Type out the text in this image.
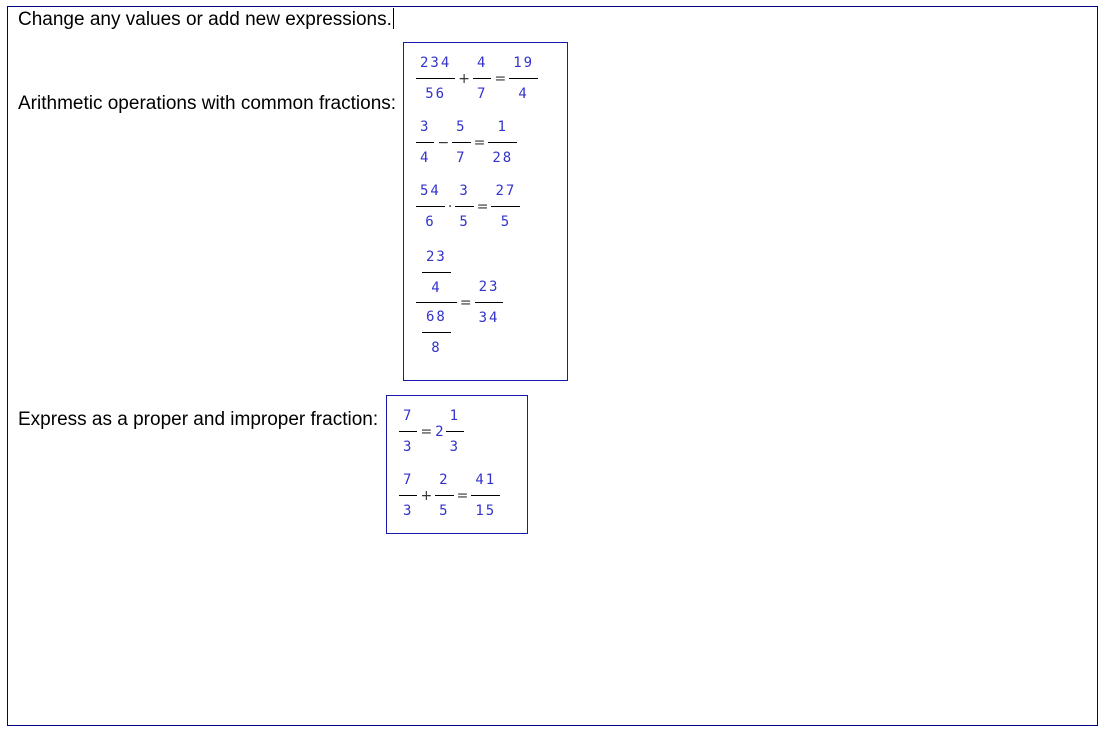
Change any values or add new expressions.
Arithmetic operations with common fractions:
$\frac{234}{56} + \frac{4}{7} = \frac{19}{4}$
$\frac{3}{4} - \frac{5}{7} = \frac{1}{28}$
$\frac{54}{6} \cdot \frac{3}{5} = \frac{27}{5}$
$\frac{23}{4}$
$\frac{68}{8}$
= $\frac{23}{34}$
Express as a proper and improper fraction: $\frac{7}{3} = 2 \frac{1}{3}$
$\frac{7}{3} + \frac{2}{5} = \frac{41}{15}$
